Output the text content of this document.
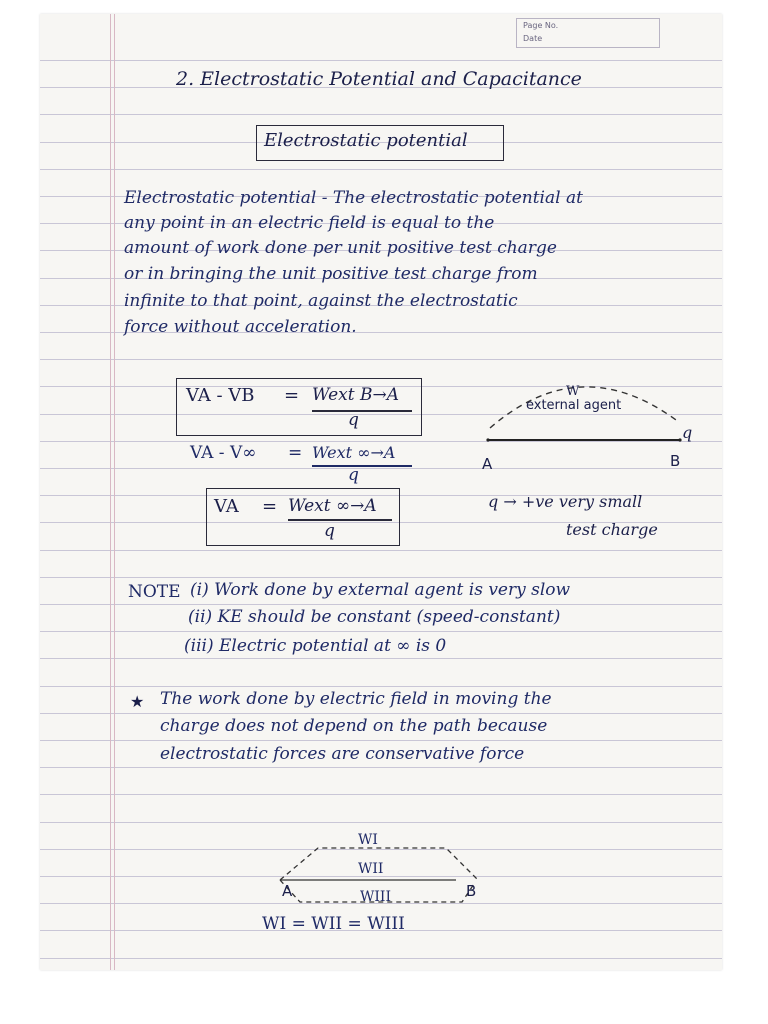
Page No.
Date
2. Electrostatic Potential and Capacitance
Electrostatic potential
Electrostatic potential - The electrostatic potential at
any point in an electric field is equal to the
amount of work done per unit positive test charge
or in bringing the unit positive test charge from
infinite to that point, against the electrostatic
force without acceleration.
VA - VB = Wext B→A
q
VA - V∞ = Wext ∞→A
q
VA = Wext ∞→A
q
W
external agent
q
A	B
q → +ve very small
test charge
NOTE (i) Work done by external agent is very slow
(ii) KE should be constant (speed-constant)
(iii) Electric potential at ∞ is 0
★ The work done by electric field in moving the
charge does not depend on the path because
electrostatic forces are conservative force
WI
WII
WIII
A	B
WI = WII = WIII
